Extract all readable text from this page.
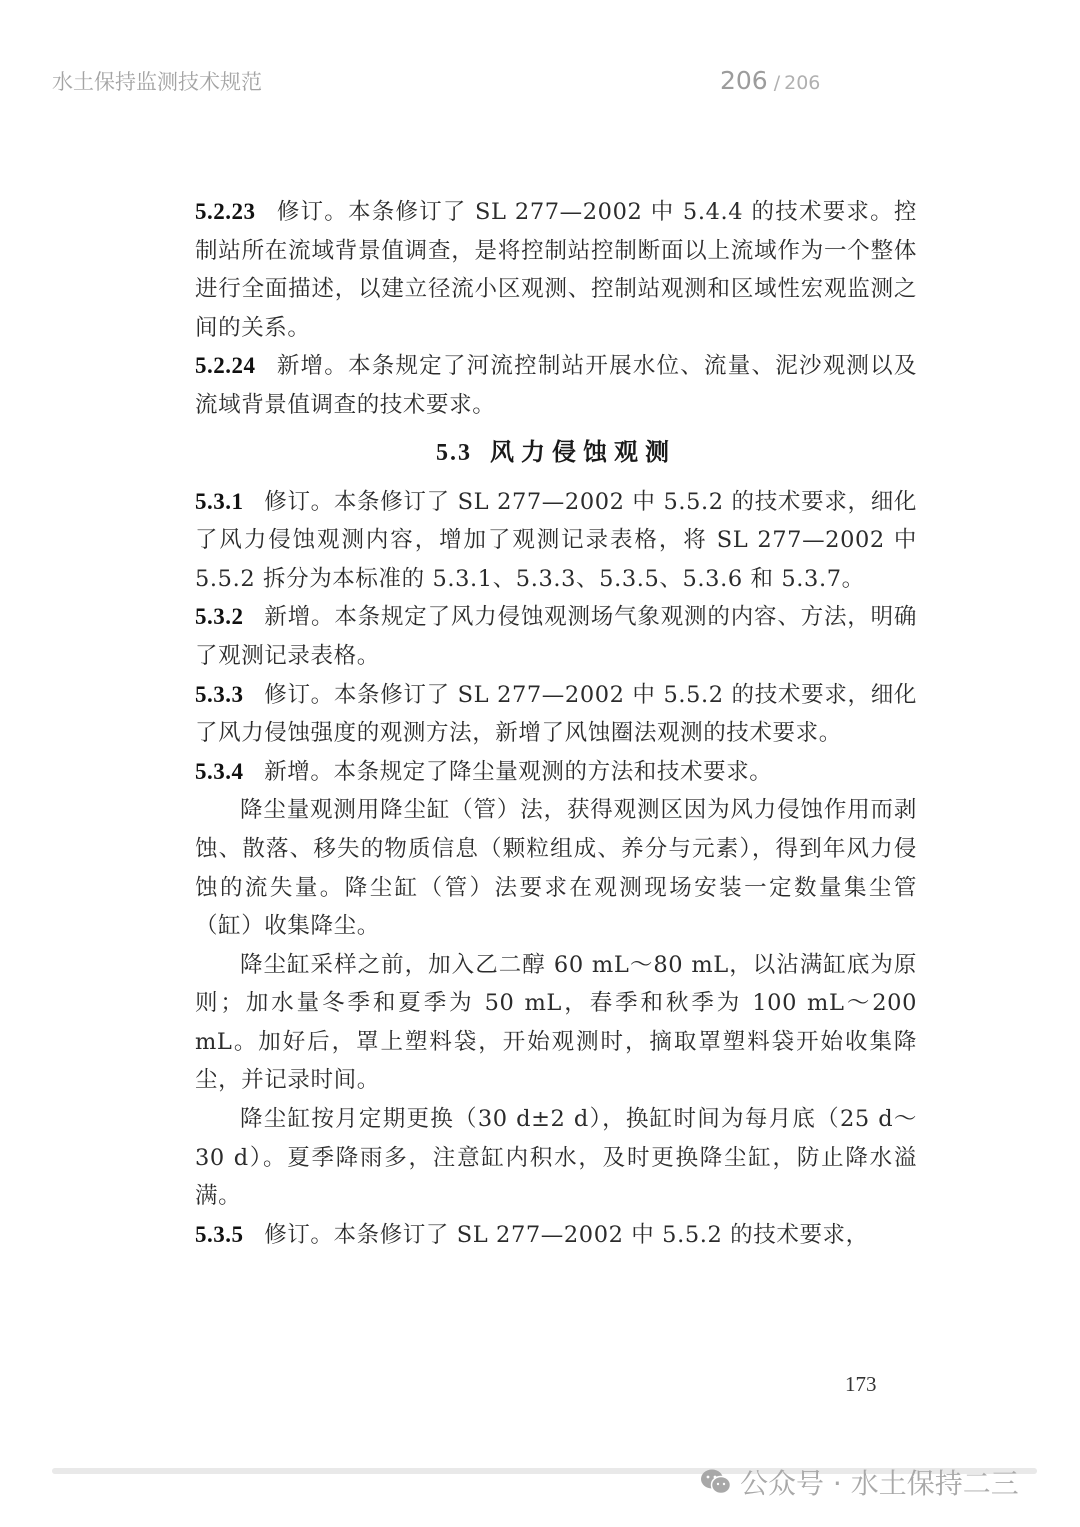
水土保持监测技术规范	206 / 206

5.2.23 修订。本条修订了 SL 277—2002 中 5.4.4 的技术要求。控制站所在流域背景值调查，是将控制站控制断面以上流域作为一个整体进行全面描述，以建立径流小区观测、控制站观测和区域性宏观监测之间的关系。

5.2.24 新增。本条规定了河流控制站开展水位、流量、泥沙观测以及流域背景值调查的技术要求。

5.3 风力侵蚀观测

5.3.1 修订。本条修订了 SL 277—2002 中 5.5.2 的技术要求，细化了风力侵蚀观测内容，增加了观测记录表格，将 SL 277—2002 中 5.5.2 拆分为本标准的 5.3.1、5.3.3、5.3.5、5.3.6 和 5.3.7。

5.3.2 新增。本条规定了风力侵蚀观测场气象观测的内容、方法，明确了观测记录表格。

5.3.3 修订。本条修订了 SL 277—2002 中 5.5.2 的技术要求，细化了风力侵蚀强度的观测方法，新增了风蚀圈法观测的技术要求。

5.3.4 新增。本条规定了降尘量观测的方法和技术要求。

降尘量观测用降尘缸（管）法，获得观测区因为风力侵蚀作用而剥蚀、散落、移失的物质信息（颗粒组成、养分与元素），得到年风力侵蚀的流失量。降尘缸（管）法要求在观测现场安装一定数量集尘管（缸）收集降尘。

降尘缸采样之前，加入乙二醇 60 mL～80 mL，以沾满缸底为原则；加水量冬季和夏季为 50 mL，春季和秋季为 100 mL～200 mL。加好后，罩上塑料袋，开始观测时，摘取罩塑料袋开始收集降尘，并记录时间。

降尘缸按月定期更换（30 d±2 d），换缸时间为每月底（25 d～30 d）。夏季降雨多，注意缸内积水，及时更换降尘缸，防止降水溢满。

5.3.5 修订。本条修订了 SL 277—2002 中 5.5.2 的技术要求，

173
公众号 · 水土保持二三
